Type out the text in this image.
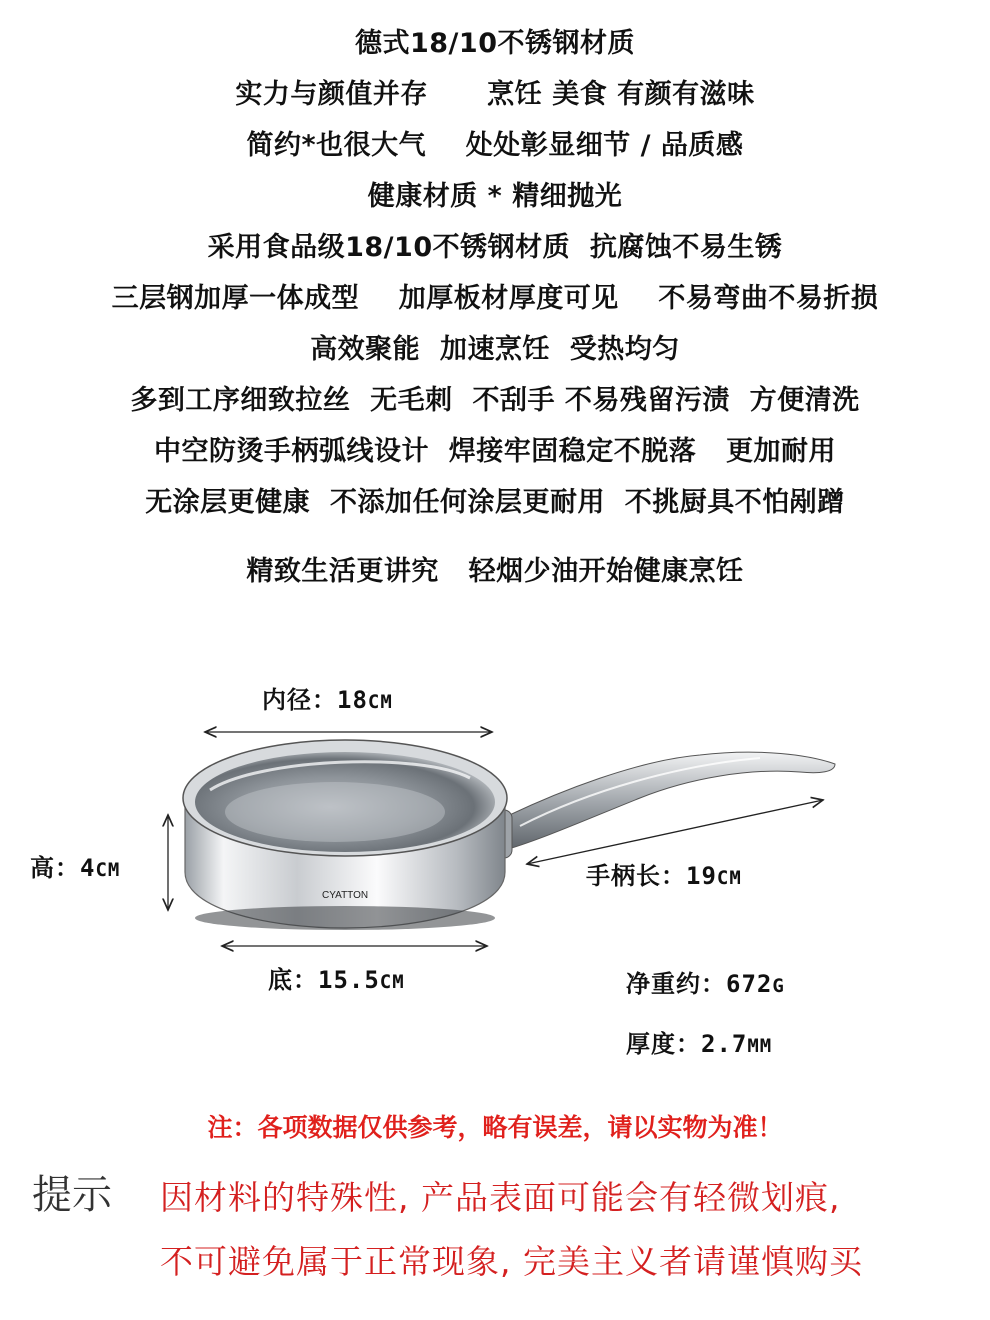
德式18/10不锈钢材质
实力与颜值并存      烹饪 美食 有颜有滋味
简约*也很大气    处处彰显细节 / 品质感
健康材质 * 精细抛光
采用食品级18/10不锈钢材质  抗腐蚀不易生锈
三层钢加厚一体成型    加厚板材厚度可见    不易弯曲不易折损
高效聚能  加速烹饪  受热均匀
多到工序细致拉丝  无毛刺  不刮手 不易残留污渍  方便清洗
中空防烫手柄弧线设计  焊接牢固稳定不脱落   更加耐用
无涂层更健康  不添加任何涂层更耐用  不挑厨具不怕剐蹭
精致生活更讲究   轻烟少油开始健康烹饪
CYATTON
内径：18CM
高：4CM
底：15.5CM
手柄长：19CM
净重约：672G
厚度：2.7MM
注：各项数据仅供参考，略有误差，请以实物为准！
提示 因材料的特殊性, 产品表面可能会有轻微划痕,
不可避免属于正常现象, 完美主义者请谨慎购买
